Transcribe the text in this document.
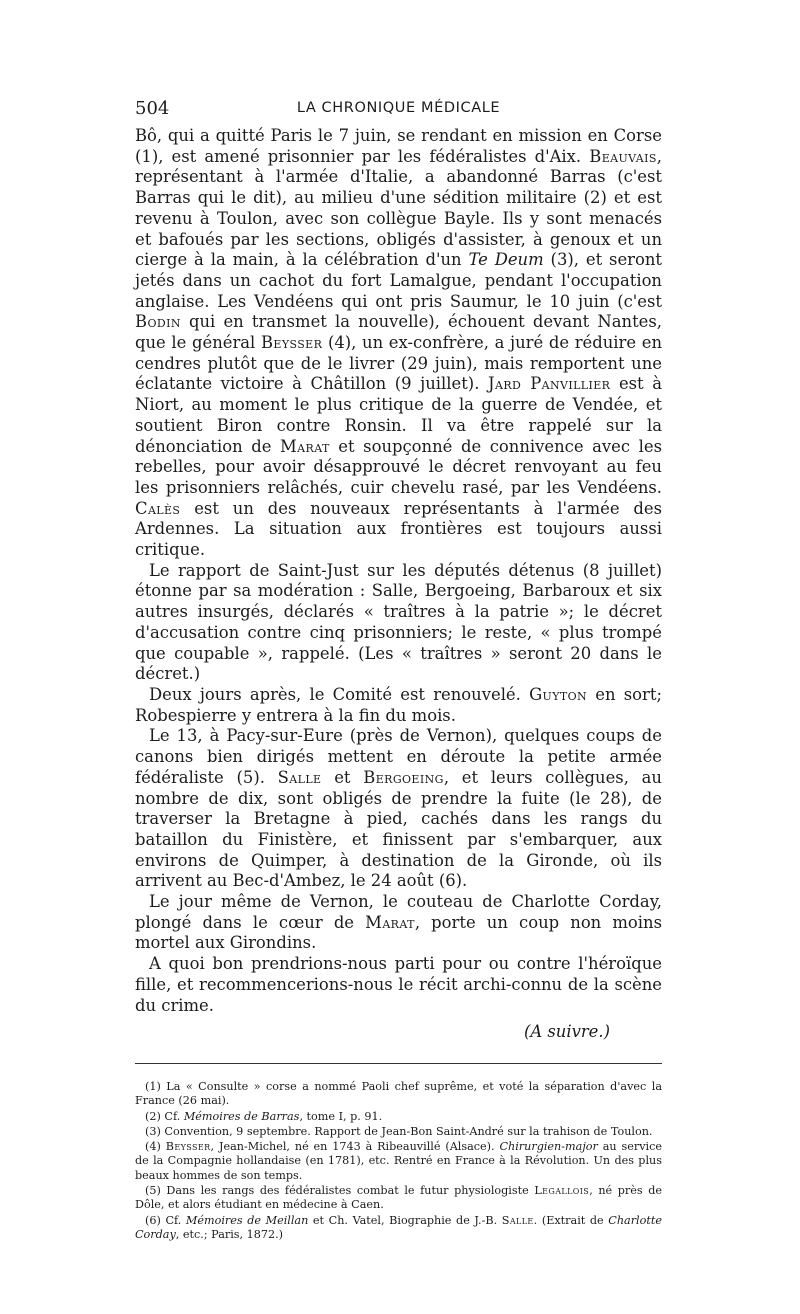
504	LA CHRONIQUE MÉDICALE

Bô, qui a quitté Paris le 7 juin, se rendant en mission en Corse (1), est amené prisonnier par les fédéralistes d'Aix. Beauvais, représentant à l'armée d'Italie, a abandonné Barras (c'est Barras qui le dit), au milieu d'une sédition militaire (2) et est revenu à Toulon, avec son collègue Bayle. Ils y sont menacés et bafoués par les sections, obligés d'assister, à genoux et un cierge à la main, à la célébration d'un Te Deum (3), et seront jetés dans un cachot du fort Lamalgue, pendant l'occupation anglaise. Les Vendéens qui ont pris Saumur, le 10 juin (c'est Bodin qui en transmet la nouvelle), échouent devant Nantes, que le général Beysser (4), un ex-confrère, a juré de réduire en cendres plutôt que de le livrer (29 juin), mais remportent une éclatante victoire à Châtillon (9 juillet). Jard Panvillier est à Niort, au moment le plus critique de la guerre de Vendée, et soutient Biron contre Ronsin. Il va être rappelé sur la dénonciation de Marat et soupçonné de connivence avec les rebelles, pour avoir désapprouvé le décret renvoyant au feu les prisonniers relâchés, cuir chevelu rasé, par les Vendéens. Calès est un des nouveaux représentants à l'armée des Ardennes. La situation aux frontières est toujours aussi critique.

Le rapport de Saint-Just sur les députés détenus (8 juillet) étonne par sa modération : Salle, Bergoeing, Barbaroux et six autres insurgés, déclarés « traîtres à la patrie »; le décret d'accusation contre cinq prisonniers; le reste, « plus trompé que coupable », rappelé. (Les « traîtres » seront 20 dans le décret.)

Deux jours après, le Comité est renouvelé. Guyton en sort; Robespierre y entrera à la fin du mois.

Le 13, à Pacy-sur-Eure (près de Vernon), quelques coups de canons bien dirigés mettent en déroute la petite armée fédéraliste (5). Salle et Bergoeing, et leurs collègues, au nombre de dix, sont obligés de prendre la fuite (le 28), de traverser la Bretagne à pied, cachés dans les rangs du bataillon du Finistère, et finissent par s'embarquer, aux environs de Quimper, à destination de la Gironde, où ils arrivent au Bec-d'Ambez, le 24 août (6).

Le jour même de Vernon, le couteau de Charlotte Corday, plongé dans le cœur de Marat, porte un coup non moins mortel aux Girondins.

A quoi bon prendrions-nous parti pour ou contre l'héroïque fille, et recommencerions-nous le récit archi-connu de la scène du crime.

(A suivre.)

(1) La « Consulte » corse a nommé Paoli chef suprême, et voté la séparation d'avec la France (26 mai).

(2) Cf. Mémoires de Barras, tome I, p. 91.

(3) Convention, 9 septembre. Rapport de Jean-Bon Saint-André sur la trahison de Toulon.

(4) Beysser, Jean-Michel, né en 1743 à Ribeauvillé (Alsace). Chirurgien-major au service de la Compagnie hollandaise (en 1781), etc. Rentré en France à la Révolution. Un des plus beaux hommes de son temps.

(5) Dans les rangs des fédéralistes combat le futur physiologiste Legallois, né près de Dôle, et alors étudiant en médecine à Caen.

(6) Cf. Mémoires de Meillan et Ch. Vatel, Biographie de J.-B. Salle. (Extrait de Charlotte Corday, etc.; Paris, 1872.)
